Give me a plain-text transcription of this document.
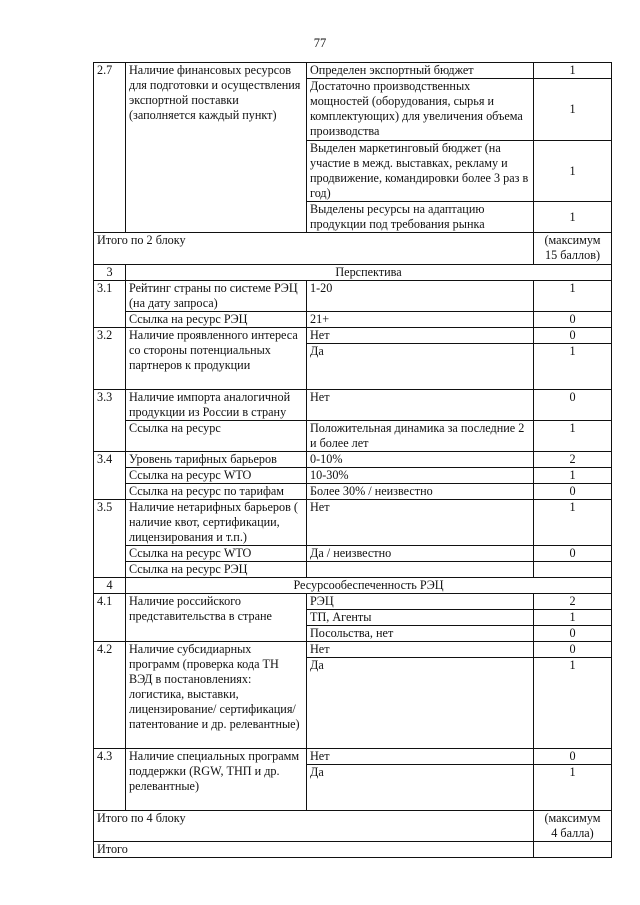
77
2.7	Наличие финансовых ресурсов для подготовки и осуществления экспортной поставки (заполняется каждый пункт)	Определен экспортный бюджет	1
		Достаточно производственных мощностей (оборудования, сырья и комплектующих) для увеличения объема производства	1
		Выделен маркетинговый бюджет (на участие в межд. выставках, рекламу и продвижение, командировки более 3 раз в год)	1
		Выделены ресурсы на адаптацию продукции под требования рынка	1
Итого по 2 блоку			(максимум
15 баллов)

3	Перспектива		
3.1	Рейтинг страны по системе РЭЦ (на дату запроса)	1-20	1
	Ссылка на ресурс РЭЦ	21+	0
3.2	Наличие проявленного интереса со стороны потенциальных партнеров к продукции	Нет	0
		Да	1
3.3	Наличие импорта аналогичной продукции из России в страну	Нет	0
	Ссылка на ресурс	Положительная динамика за последние 2 и более лет	1
3.4	Уровень тарифных барьеров	0-10%	2
	Ссылка на ресурс WTO	10-30%	1
	Ссылка на ресурс по тарифам	Более 30% / неизвестно	0
3.5	Наличие нетарифных барьеров ( наличие квот, сертификации, лицензирования и т.п.)	Нет	1
	Ссылка на ресурс WTO	Да / неизвестно	0
	Ссылка на ресурс РЭЦ		
4	Ресурсообеспеченность РЭЦ		
4.1	Наличие российского представительства в стране	РЭЦ	2
		ТП, Агенты	1
		Посольства, нет	0
4.2	Наличие субсидиарных программ (проверка кода ТН ВЭД в постановлениях: логистика, выставки, лицензирование/ сертификация/ патентование и др. релевантные)	Нет	0
		Да	1
4.3	Наличие специальных программ поддержки (RGW, ТНП и др. релевантные)	Нет	0
		Да	1
Итого по 4 блоку			(максимум
4 балла)

Итого			
